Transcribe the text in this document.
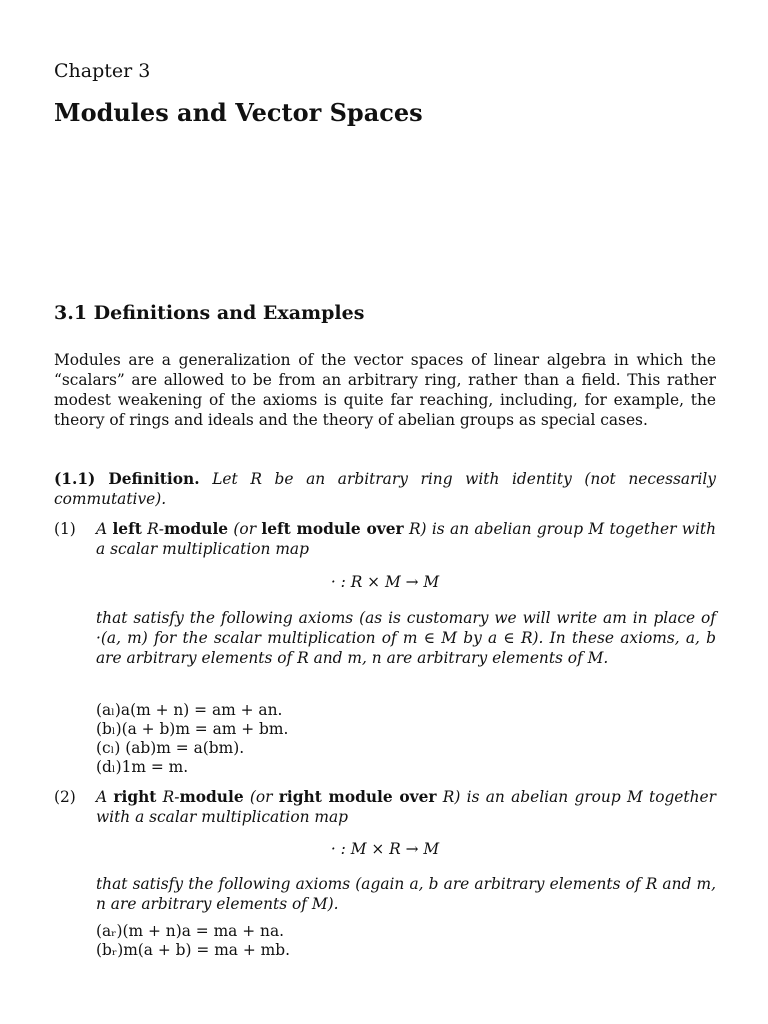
Chapter 3

Modules and Vector Spaces
3.1 Definitions and Examples

Modules are a generalization of the vector spaces of linear algebra in which the “scalars” are allowed to be from an arbitrary ring, rather than a field. This rather modest weakening of the axioms is quite far reaching, including, for example, the theory of rings and ideals and the theory of abelian groups as special cases.

(1.1) Definition. Let R be an arbitrary ring with identity (not necessarily commutative).

(1) A left R-module (or left module over R) is an abelian group M together with a scalar multiplication map

· : R × M → M

that satisfy the following axioms (as is customary we will write am in place of ·(a, m) for the scalar multiplication of m ∈ M by a ∈ R). In these axioms, a, b are arbitrary elements of R and m, n are arbitrary elements of M.

(aₗ)a(m + n) = am + an.

(bₗ)(a + b)m = am + bm.

(cₗ) (ab)m = a(bm).

(dₗ)1m = m.

(2) A right R-module (or right module over R) is an abelian group M together with a scalar multiplication map

· : M × R → M

that satisfy the following axioms (again a, b are arbitrary elements of R and m, n are arbitrary elements of M).

(aᵣ)(m + n)a = ma + na.

(bᵣ)m(a + b) = ma + mb.
